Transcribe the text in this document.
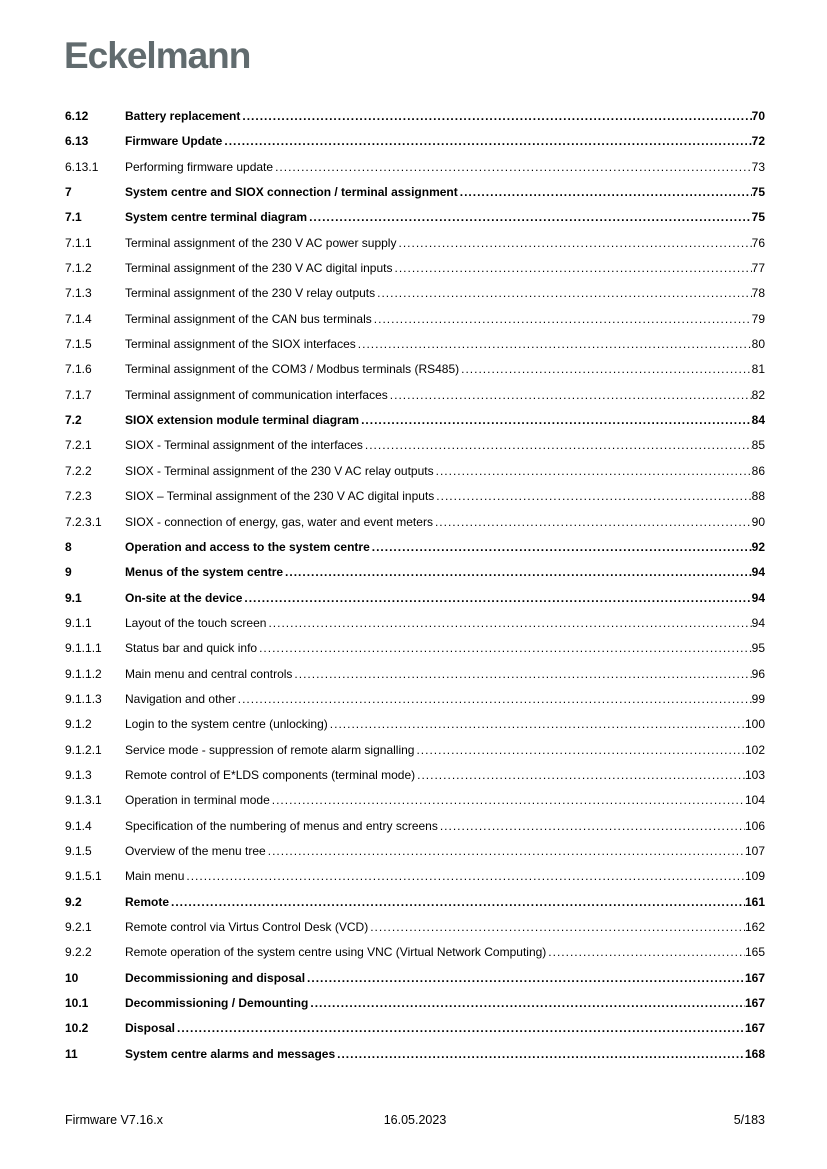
Eckelmann
6.12	Battery replacement .....	70
6.13	Firmware Update .....	72
6.13.1	Performing firmware update .....	73
7	System centre and SIOX connection / terminal assignment .....	75
7.1	System centre terminal diagram .....	75
7.1.1	Terminal assignment of the 230 V AC power supply .....	76
7.1.2	Terminal assignment of the 230 V AC digital inputs .....	77
7.1.3	Terminal assignment of the 230 V relay outputs .....	78
7.1.4	Terminal assignment of the CAN bus terminals .....	79
7.1.5	Terminal assignment of the SIOX interfaces .....	80
7.1.6	Terminal assignment of the COM3 / Modbus terminals (RS485) .....	81
7.1.7	Terminal assignment of communication interfaces .....	82
7.2	SIOX extension module terminal diagram .....	84
7.2.1	SIOX - Terminal assignment of the interfaces .....	85
7.2.2	SIOX - Terminal assignment of the 230 V AC relay outputs .....	86
7.2.3	SIOX – Terminal assignment of the 230 V AC digital inputs .....	88
7.2.3.1	SIOX - connection of energy, gas, water and event meters .....	90
8	Operation and access to the system centre .....	92
9	Menus of the system centre .....	94
9.1	On-site at the device .....	94
9.1.1	Layout of the touch screen .....	94
9.1.1.1	Status bar and quick info .....	95
9.1.1.2	Main menu and central controls .....	96
9.1.1.3	Navigation and other .....	99
9.1.2	Login to the system centre (unlocking) .....	100
9.1.2.1	Service mode - suppression of remote alarm signalling .....	102
9.1.3	Remote control of E*LDS components (terminal mode) .....	103
9.1.3.1	Operation in terminal mode .....	104
9.1.4	Specification of the numbering of menus and entry screens .....	106
9.1.5	Overview of the menu tree .....	107
9.1.5.1	Main menu .....	109
9.2	Remote .....	161
9.2.1	Remote control via Virtus Control Desk (VCD) .....	162
9.2.2	Remote operation of the system centre using VNC (Virtual Network Computing) .....	165
10	Decommissioning and disposal .....	167
10.1	Decommissioning / Demounting .....	167
10.2	Disposal .....	167
11	System centre alarms and messages .....	168
Firmware V7.16.x	16.05.2023	5/183
